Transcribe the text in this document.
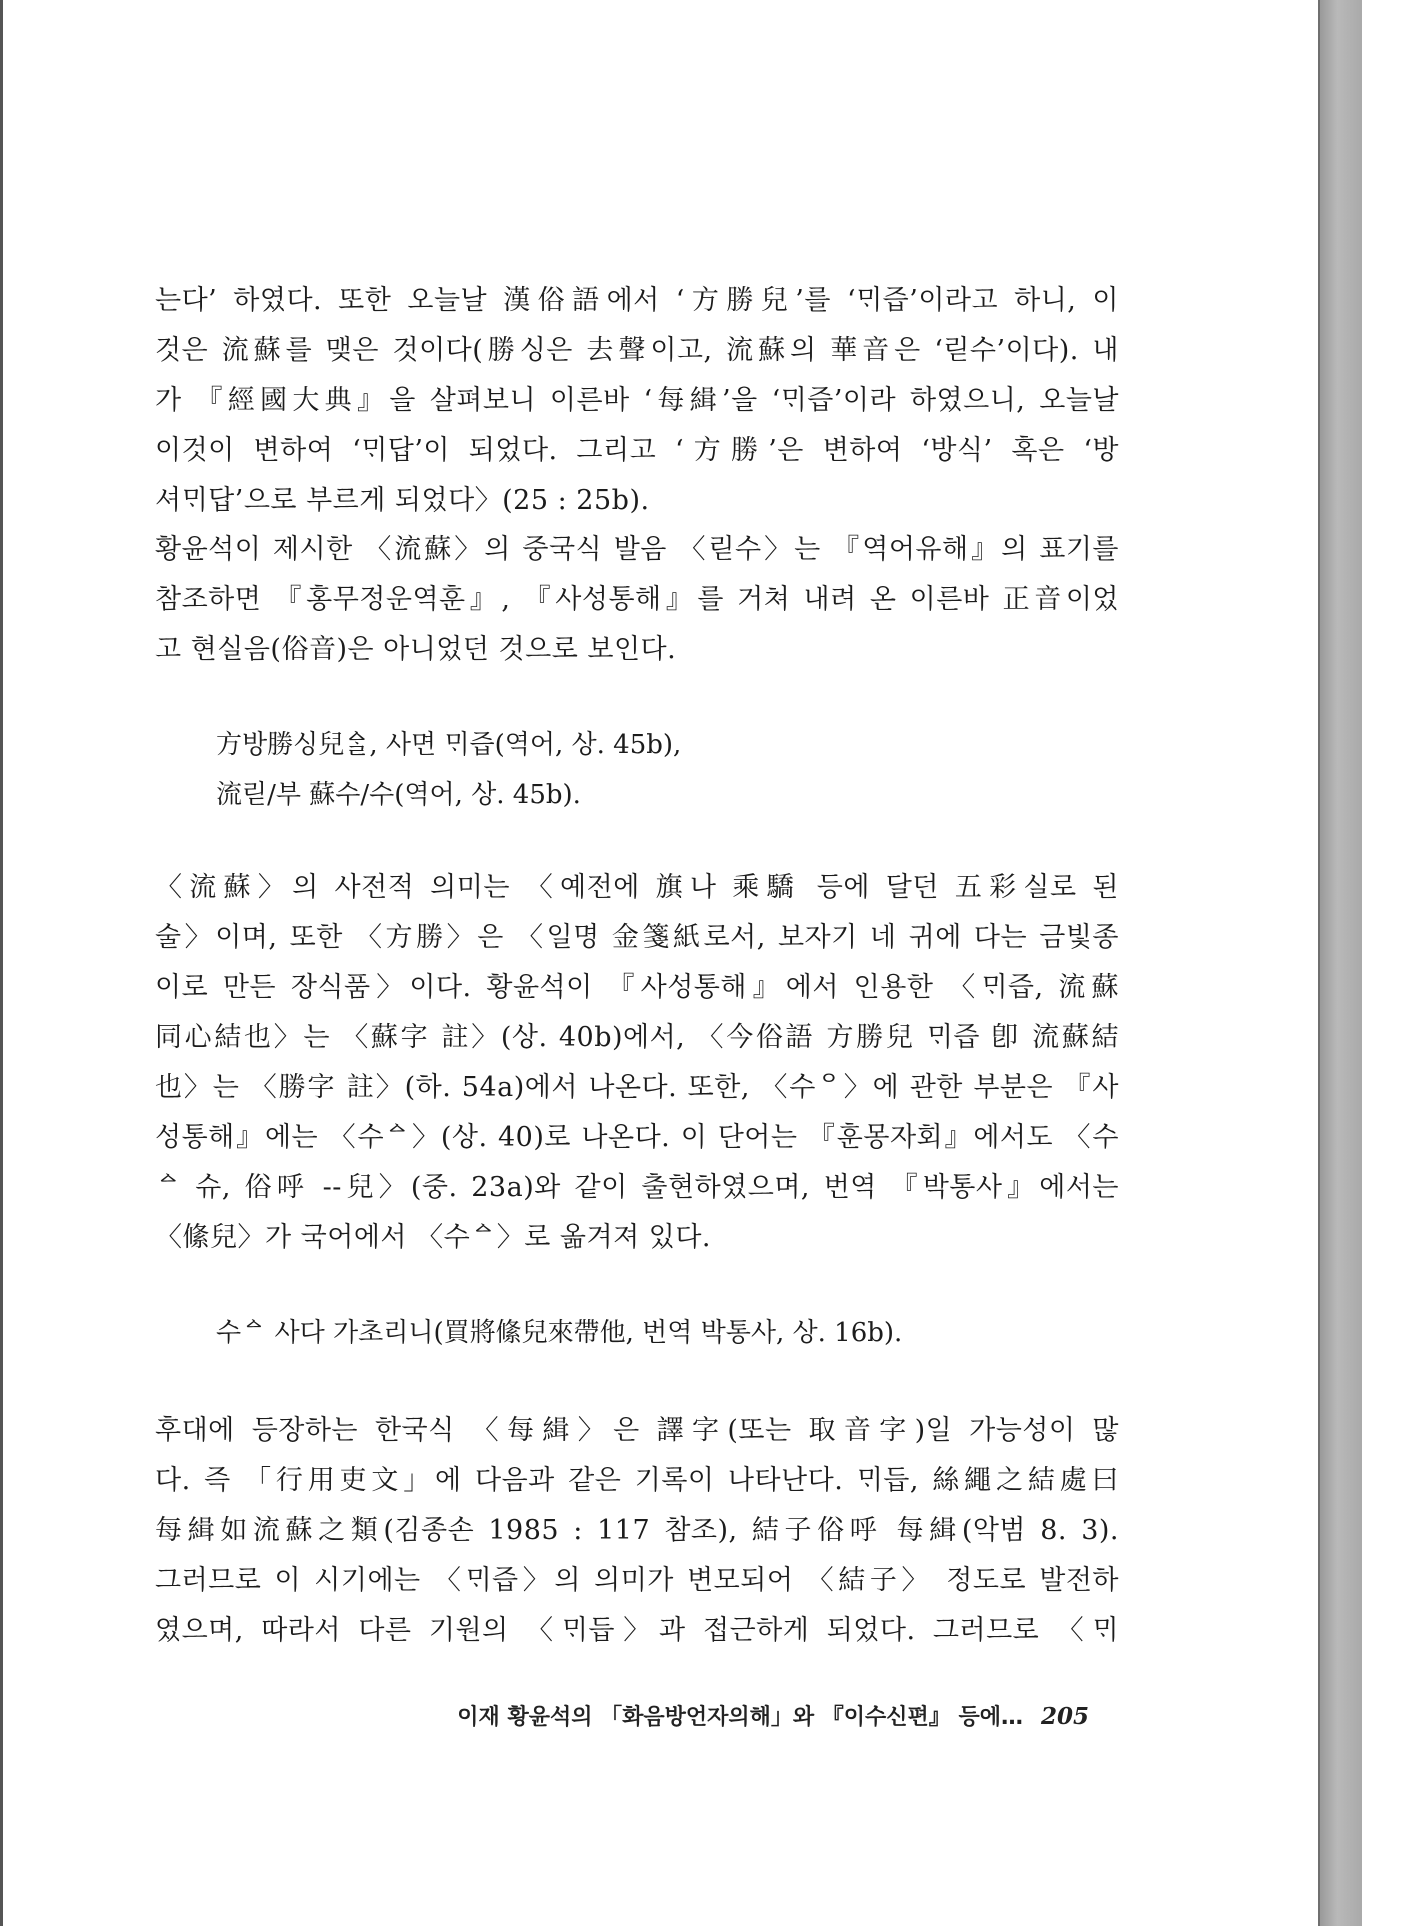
는다’ 하였다. 또한 오늘날 漢俗語에서 ‘方勝兒’를 ‘ᄆᆡ즙’이라고 하니, 이
것은 流蘇를 맺은 것이다(勝싱은 去聲이고, 流蘇의 華音은 ‘릳수’이다). 내
가 『經國大典』을 살펴보니 이른바 ‘每緝’을 ‘ᄆᆡ즙’이라 하였으니, 오늘날
이것이 변하여 ‘ᄆᆡ답’이 되었다. 그리고 ‘方勝’은 변하여 ‘방식’ 혹은 ‘방
셔ᄆᆡ답’으로 부르게 되었다〉(25 : 25b).
황윤석이 제시한 〈流蘇〉의 중국식 발음 〈릳수〉는 『역어유해』의 표기를
참조하면 『홍무정운역훈』, 『사성통해』를 거쳐 내려 온 이른바 正音이었
고 현실음(俗音)은 아니었던 것으로 보인다.
方방勝싱兒ᅀᆞᆯ, 사면 ᄆᆡ즙(역어, 상. 45b),
流릳/부 蘇수/수(역어, 상. 45b).
〈流蘇〉의 사전적 의미는 〈예전에 旗나 乘驕 등에 달던 五彩실로 된
술〉이며, 또한 〈方勝〉은 〈일명 金箋紙로서, 보자기 네 귀에 다는 금빛종
이로 만든 장식품〉이다. 황윤석이 『사성통해』에서 인용한 〈ᄆᆡ즙, 流蘇
同心結也〉는 〈蘇字 註〉(상. 40b)에서, 〈今俗語 方勝兒 ᄆᆡ즙 卽 流蘇結
也〉는 〈勝字 註〉(하. 54a)에서 나온다. 또한, 〈수ᄋ〉에 관한 부분은 『사
성통해』에는 〈수ᅀ〉(상. 40)로 나온다. 이 단어는 『훈몽자회』에서도 〈수
ᅀ 슈, 俗呼 --兒〉(중. 23a)와 같이 출현하였으며, 번역 『박통사』에서는
〈絛兒〉가 국어에서 〈수ᅀ〉로 옮겨져 있다.
수ᅀ 사다 가초리니(買將絛兒來帶他, 번역 박통사, 상. 16b).
후대에 등장하는 한국식 〈每緝〉은 譯字(또는 取音字)일 가능성이 많
다. 즉 「行用吏文」에 다음과 같은 기록이 나타난다. ᄆᆡ듭, 絲繩之結處曰
每緝如流蘇之類(김종손 1985 : 117 참조), 結子俗呼 每緝(악범 8. 3).
그러므로 이 시기에는 〈ᄆᆡ즙〉의 의미가 변모되어 〈結子〉 정도로 발전하
였으며, 따라서 다른 기원의 〈ᄆᆡ듭〉과 접근하게 되었다. 그러므로 〈ᄆᆡ
이재 황윤석의 「화음방언자의해」와 『이수신편』 등에… 205
